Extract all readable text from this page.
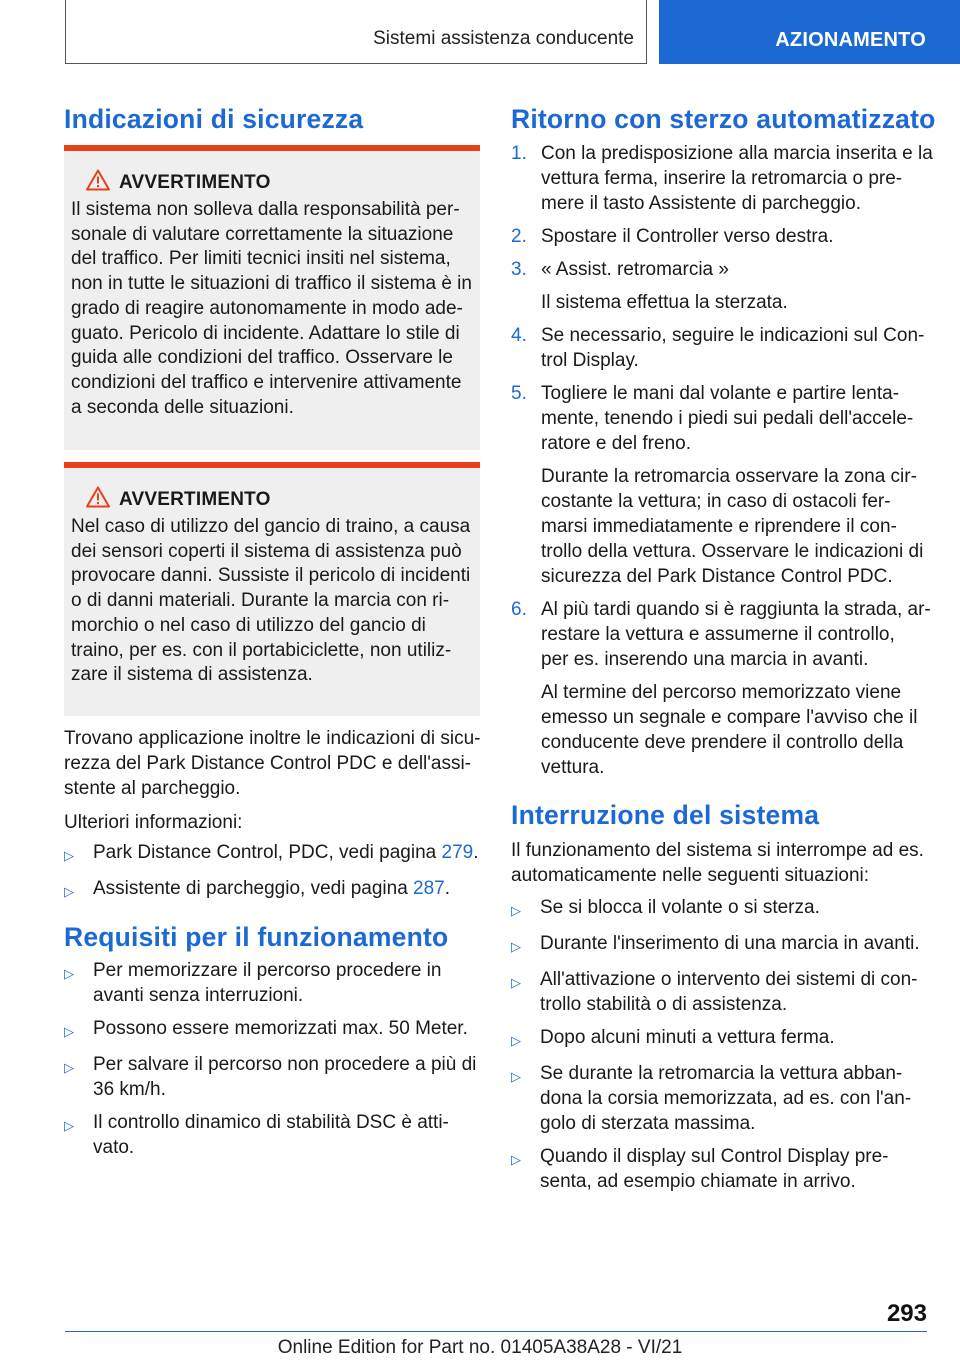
Sistemi assistenza conducente	AZIONAMENTO
Indicazioni di sicurezza
AVVERTIMENTO
Il sistema non solleva dalla responsabilità per-
sonale di valutare correttamente la situazione
del traffico. Per limiti tecnici insiti nel sistema,
non in tutte le situazioni di traffico il sistema è in
grado di reagire autonomamente in modo ade-
guato. Pericolo di incidente. Adattare lo stile di
guida alle condizioni del traffico. Osservare le
condizioni del traffico e intervenire attivamente
a seconda delle situazioni.
AVVERTIMENTO
Nel caso di utilizzo del gancio di traino, a causa
dei sensori coperti il sistema di assistenza può
provocare danni. Sussiste il pericolo di incidenti
o di danni materiali. Durante la marcia con ri-
morchio o nel caso di utilizzo del gancio di
traino, per es. con il portabiciclette, non utiliz-
zare il sistema di assistenza.
Trovano applicazione inoltre le indicazioni di sicu-
rezza del Park Distance Control PDC e dell'assi-
stente al parcheggio.
Ulteriori informazioni:
▷	Park Distance Control, PDC, vedi pagina 279.
▷	Assistente di parcheggio, vedi pagina 287.
Requisiti per il funzionamento
▷	Per memorizzare il percorso procedere in
avanti senza interruzioni.
▷	Possono essere memorizzati max. 50 Meter.
▷	Per salvare il percorso non procedere a più di
36 km/h.
▷	Il controllo dinamico di stabilità DSC è atti-
vato.
Ritorno con sterzo automatizzato
1. Con la predisposizione alla marcia inserita e la
vettura ferma, inserire la retromarcia o pre-
mere il tasto Assistente di parcheggio.
2. Spostare il Controller verso destra.
3. « Assist. retromarcia »
Il sistema effettua la sterzata.
4. Se necessario, seguire le indicazioni sul Con-
trol Display.
5. Togliere le mani dal volante e partire lenta-
mente, tenendo i piedi sui pedali dell'accele-
ratore e del freno.
Durante la retromarcia osservare la zona cir-
costante la vettura; in caso di ostacoli fer-
marsi immediatamente e riprendere il con-
trollo della vettura. Osservare le indicazioni di
sicurezza del Park Distance Control PDC.
6. Al più tardi quando si è raggiunta la strada, ar-
restare la vettura e assumerne il controllo,
per es. inserendo una marcia in avanti.
Al termine del percorso memorizzato viene
emesso un segnale e compare l'avviso che il
conducente deve prendere il controllo della
vettura.
Interruzione del sistema
Il funzionamento del sistema si interrompe ad es.
automaticamente nelle seguenti situazioni:
▷	Se si blocca il volante o si sterza.
▷	Durante l'inserimento di una marcia in avanti.
▷	All'attivazione o intervento dei sistemi di con-
trollo stabilità o di assistenza.
▷	Dopo alcuni minuti a vettura ferma.
▷	Se durante la retromarcia la vettura abban-
dona la corsia memorizzata, ad es. con l'an-
golo di sterzata massima.
▷	Quando il display sul Control Display pre-
senta, ad esempio chiamate in arrivo.
293
Online Edition for Part no. 01405A38A28 - VI/21
